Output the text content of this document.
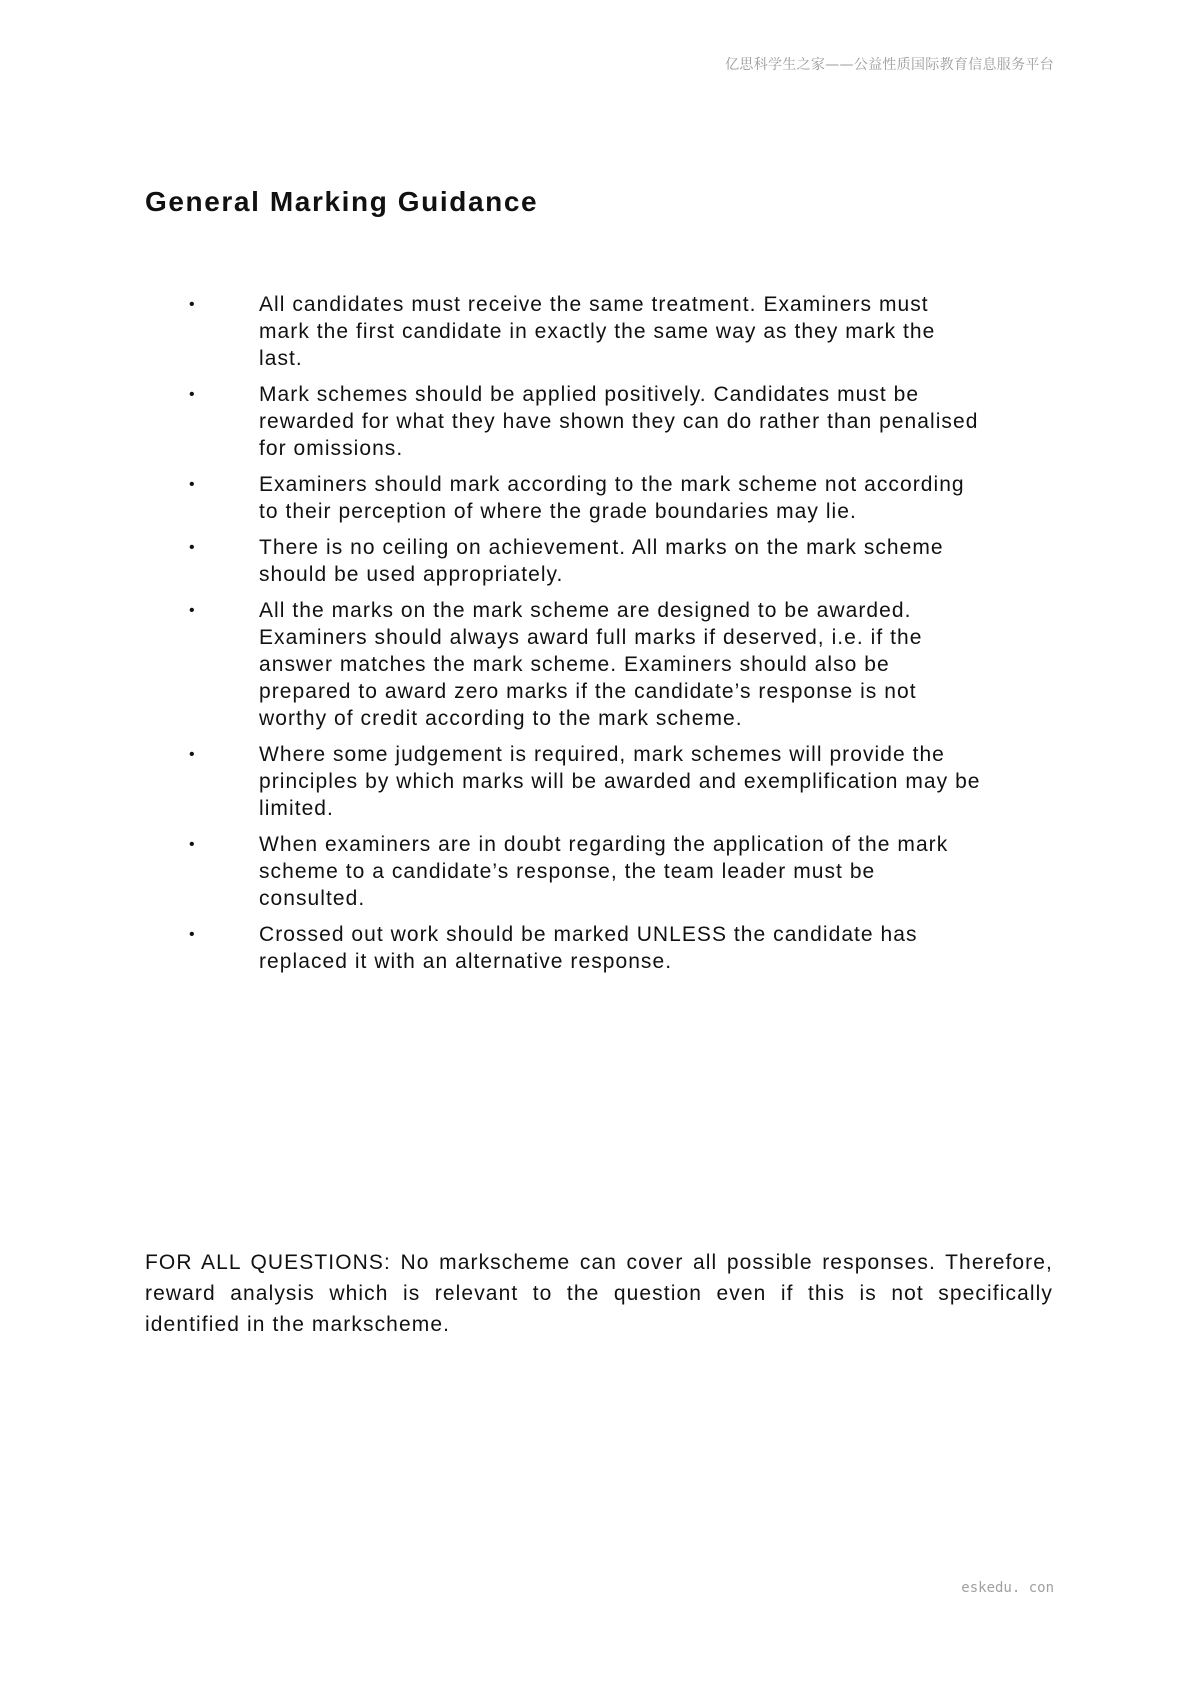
亿思科学生之家——公益性质国际教育信息服务平台
General Marking Guidance
•
All candidates must receive the same treatment. Examiners must mark the first candidate in exactly the same way as they mark the last.
•
Mark schemes should be applied positively. Candidates must be rewarded for what they have shown they can do rather than penalised for omissions.
•
Examiners should mark according to the mark scheme not according to their perception of where the grade boundaries may lie.
•
There is no ceiling on achievement. All marks on the mark scheme should be used appropriately.
•
All the marks on the mark scheme are designed to be awarded. Examiners should always award full marks if deserved, i.e. if the answer matches the mark scheme. Examiners should also be prepared to award zero marks if the candidate’s response is not worthy of credit according to the mark scheme.
•
Where some judgement is required, mark schemes will provide the principles by which marks will be awarded and exemplification may be limited.
•
When examiners are in doubt regarding the application of the mark scheme to a candidate’s response, the team leader must be consulted.
•
Crossed out work should be marked UNLESS the candidate has replaced it with an alternative response.

FOR ALL QUESTIONS: No markscheme can cover all possible responses. Therefore, reward analysis which is relevant to the question even if this is not specifically identified in the markscheme.

eskedu. con
